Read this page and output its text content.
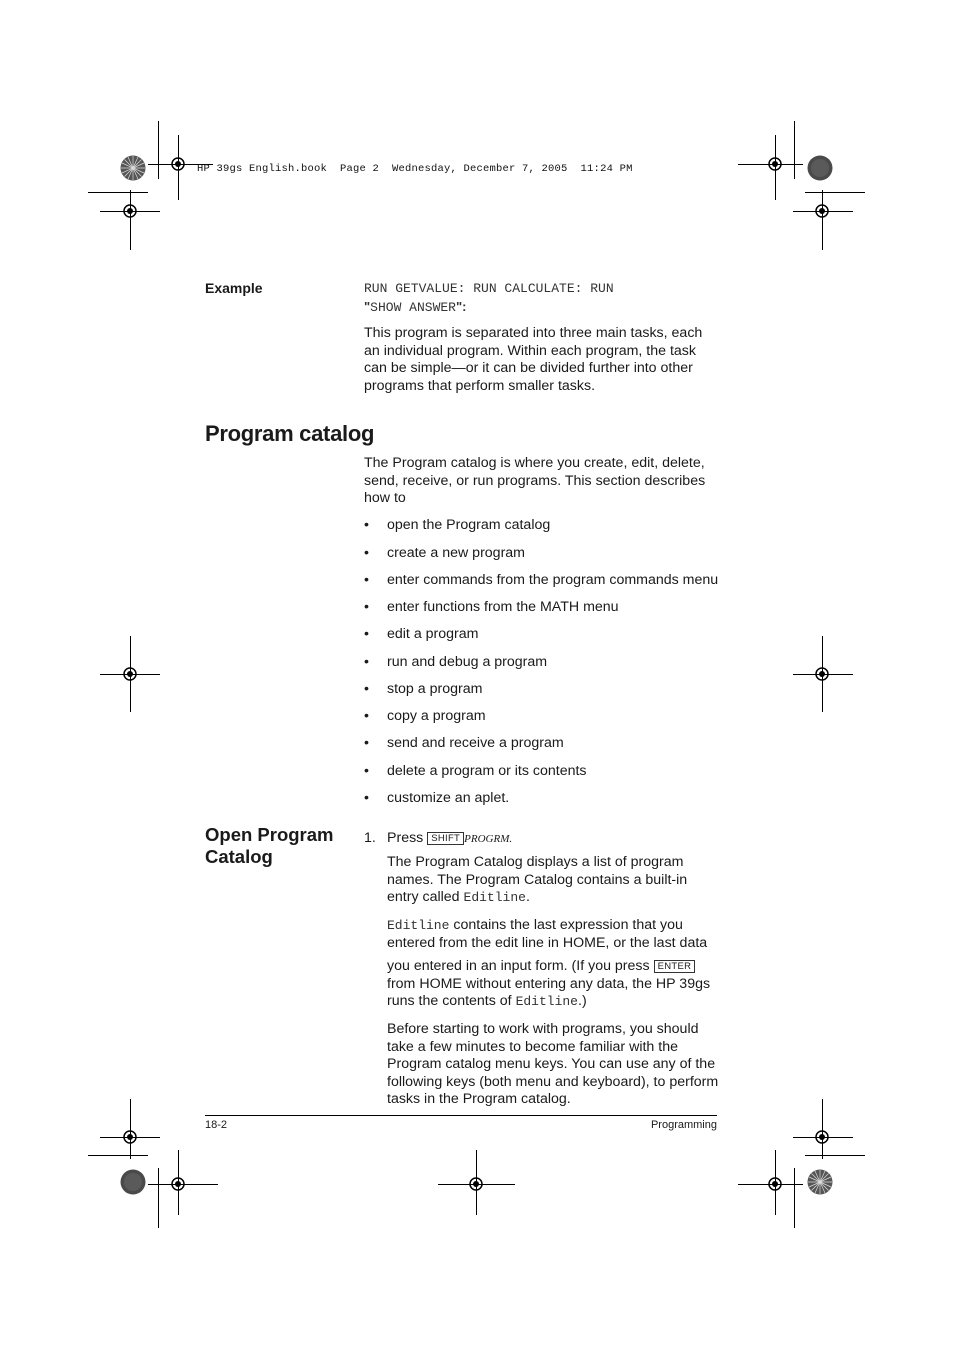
HP 39gs English.book  Page 2  Wednesday, December 7, 2005  11:24 PM
Example	RUN GETVALUE: RUN CALCULATE: RUN
"SHOW ANSWER":
This program is separated into three main tasks, each an individual program. Within each program, the task can be simple—or it can be divided further into other programs that perform smaller tasks.
Program catalog
The Program catalog is where you create, edit, delete, send, receive, or run programs. This section describes how to
• open the Program catalog
• create a new program
• enter commands from the program commands menu
• enter functions from the MATH menu
• edit a program
• run and debug a program
• stop a program
• copy a program
• send and receive a program
• delete a program or its contents
• customize an aplet.
Open Program
Catalog
1. Press SHIFT PROGRM.
The Program Catalog displays a list of program names. The Program Catalog contains a built-in entry called Editline.
Editline contains the last expression that you entered from the edit line in HOME, or the last data
you entered in an input form. (If you press ENTER from HOME without entering any data, the HP 39gs runs the contents of Editline.)
Before starting to work with programs, you should take a few minutes to become familiar with the Program catalog menu keys. You can use any of the following keys (both menu and keyboard), to perform tasks in the Program catalog.
18-2	Programming
